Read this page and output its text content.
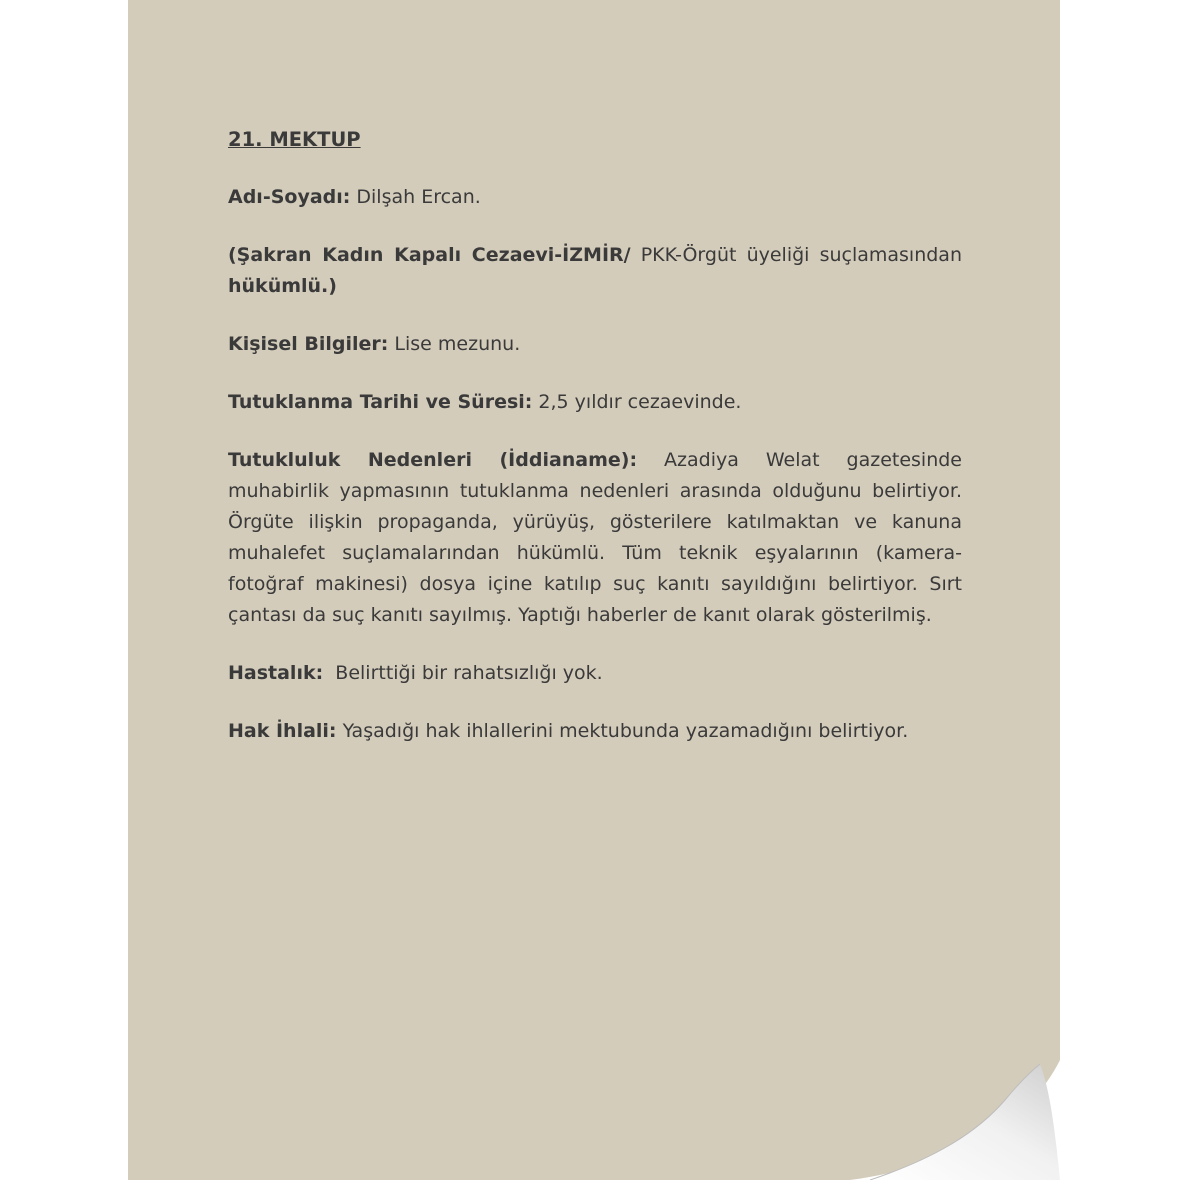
21. MEKTUP
Adı-Soyadı: Dilşah Ercan.
(Şakran Kadın Kapalı Cezaevi-İZMİR/ PKK-Örgüt üyeliği suçlamasından hükümlü.)
Kişisel Bilgiler: Lise mezunu.
Tutuklanma Tarihi ve Süresi: 2,5 yıldır cezaevinde.
Tutukluluk Nedenleri (İddianame): Azadiya Welat gazetesinde muhabirlik yapmasının tutuklanma nedenleri arasında olduğunu belirtiyor. Örgüte ilişkin propaganda, yürüyüş, gösterilere katılmaktan ve kanuna muhalefet suçlamalarından hükümlü. Tüm teknik eşyalarının (kamera- fotoğraf makinesi) dosya içine katılıp suç kanıtı sayıldığını belirtiyor. Sırt çantası da suç kanıtı sayılmış. Yaptığı haberler de kanıt olarak gösterilmiş.
Hastalık:  Belirttiği bir rahatsızlığı yok.
Hak İhlali: Yaşadığı hak ihlallerini mektubunda yazamadığını belirtiyor.
